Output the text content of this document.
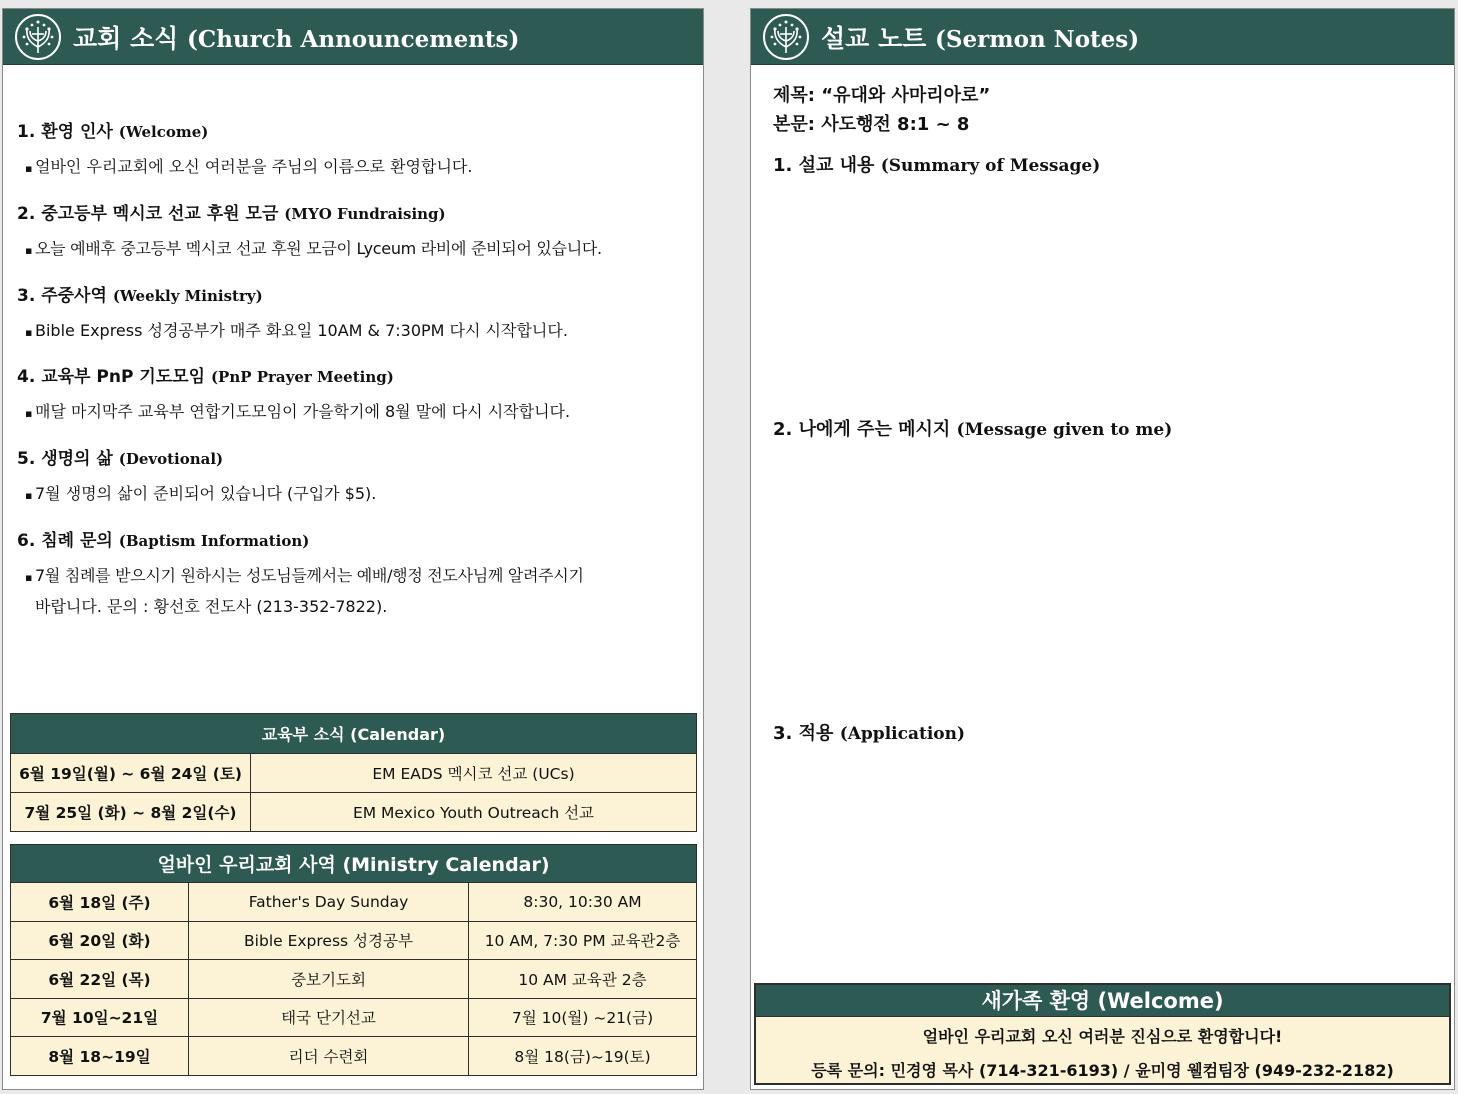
교회 소식 (Church Announcements)
1. 환영 인사 (Welcome)
▪ 얼바인 우리교회에 오신 여러분을 주님의 이름으로 환영합니다.
2. 중고등부 멕시코 선교 후원 모금 (MYO Fundraising)
▪ 오늘 예배후 중고등부 멕시코 선교 후원 모금이 Lyceum 라비에 준비되어 있습니다.
3. 주중사역 (Weekly Ministry)
▪ Bible Express 성경공부가 매주 화요일 10AM & 7:30PM 다시 시작합니다.
4. 교육부 PnP 기도모임 (PnP Prayer Meeting)
▪ 매달 마지막주 교육부 연합기도모임이 가을학기에 8월 말에 다시 시작합니다.
5. 생명의 삶 (Devotional)
▪ 7월 생명의 삶이 준비되어 있습니다 (구입가 $5).
6. 침례 문의 (Baptism Information)
▪ 7월 침례를 받으시기 원하시는 성도님들께서는 예배/행정 전도사님께 알려주시기
바랍니다. 문의 : 황선호 전도사 (213-352-7822).
교육부 소식 (Calendar)	
6월 19일(월) ~ 6월 24일 (토)	EM EADS 멕시코 선교 (UCs)
7월 25일 (화) ~ 8월 2일(수)	EM Mexico Youth Outreach 선교
얼바인 우리교회 사역 (Ministry Calendar)		
6월 18일 (주)	Father's Day Sunday	8:30, 10:30 AM
6월 20일 (화)	Bible Express 성경공부	10 AM, 7:30 PM 교육관2층
6월 22일 (목)	중보기도회	10 AM 교육관 2층
7월 10일~21일	태국 단기선교	7월 10(월) ~21(금)
8월 18~19일	리더 수련회	8월 18(금)~19(토)
설교 노트 (Sermon Notes)
제목: “유대와 사마리아로”
본문: 사도행전 8:1 ~ 8
1. 설교 내용 (Summary of Message)
2. 나에게 주는 메시지 (Message given to me)
3. 적용 (Application)
새가족 환영 (Welcome)
얼바인 우리교회 오신 여러분 진심으로 환영합니다!
등록 문의: 민경영 목사 (714-321-6193) / 윤미영 웰컴팀장 (949-232-2182)
